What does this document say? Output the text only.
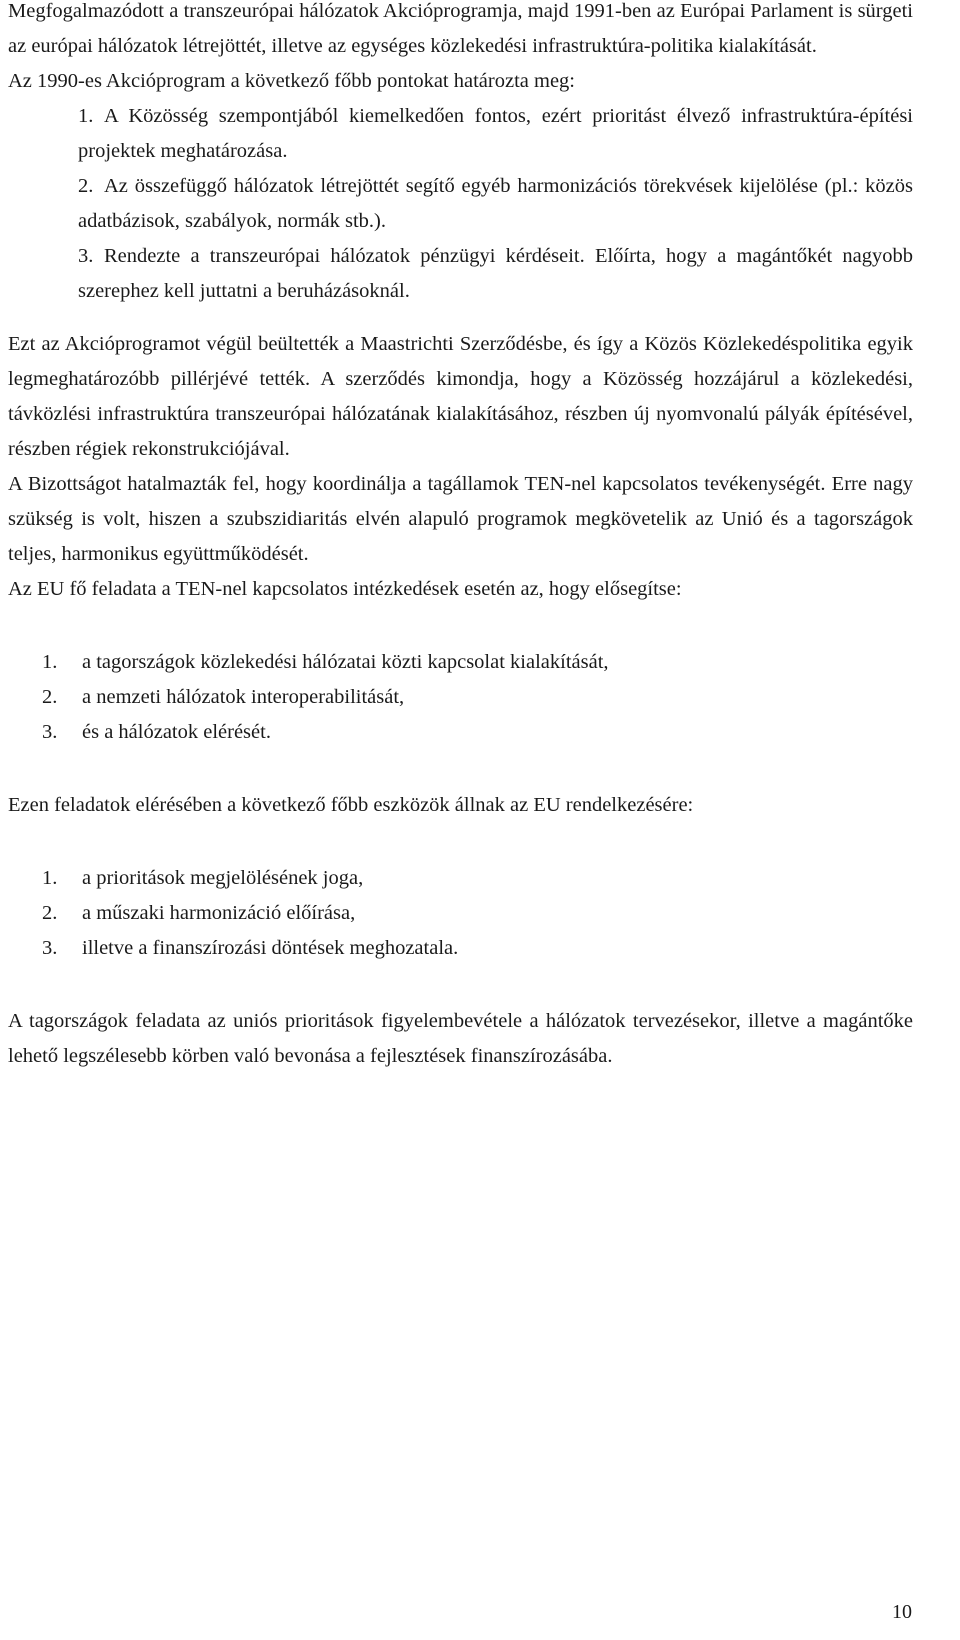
Megfogalmazódott a transzeurópai hálózatok Akcióprogramja, majd 1991-ben az Európai Parlament is sürgeti az európai hálózatok létrejöttét, illetve az egységes közlekedési infrastruktúra-politika kialakítását.

Az 1990-es Akcióprogram a következő főbb pontokat határozta meg:

1. A Közösség szempontjából kiemelkedően fontos, ezért prioritást élvező infrastruktúra-építési projektek meghatározása.
2. Az összefüggő hálózatok létrejöttét segítő egyéb harmonizációs törekvések kijelölése (pl.: közös adatbázisok, szabályok, normák stb.).
3. Rendezte a transzeurópai hálózatok pénzügyi kérdéseit. Előírta, hogy a magántőkét nagyobb szerephez kell juttatni a beruházásoknál.

Ezt az Akcióprogramot végül beültették a Maastrichti Szerződésbe, és így a Közös Közlekedéspolitika egyik legmeghatározóbb pillérjévé tették. A szerződés kimondja, hogy a Közösség hozzájárul a közlekedési, távközlési infrastruktúra transzeurópai hálózatának kialakításához, részben új nyomvonalú pályák építésével, részben régiek rekonstrukciójával.

A Bizottságot hatalmazták fel, hogy koordinálja a tagállamok TEN-nel kapcsolatos tevékenységét. Erre nagy szükség is volt, hiszen a szubszidiaritás elvén alapuló programok megkövetelik az Unió és a tagországok teljes, harmonikus együttműködését.

Az EU fő feladata a TEN-nel kapcsolatos intézkedések esetén az, hogy elősegítse:

1. a tagországok közlekedési hálózatai közti kapcsolat kialakítását,
2. a nemzeti hálózatok interoperabilitását,
3. és a hálózatok elérését.

Ezen feladatok elérésében a következő főbb eszközök állnak az EU rendelkezésére:

1. a prioritások megjelölésének joga,
2. a műszaki harmonizáció előírása,
3. illetve a finanszírozási döntések meghozatala.

A tagországok feladata az uniós prioritások figyelembevétele a hálózatok tervezésekor, illetve a magántőke lehető legszélesebb körben való bevonása a fejlesztések finanszírozásába.

10
